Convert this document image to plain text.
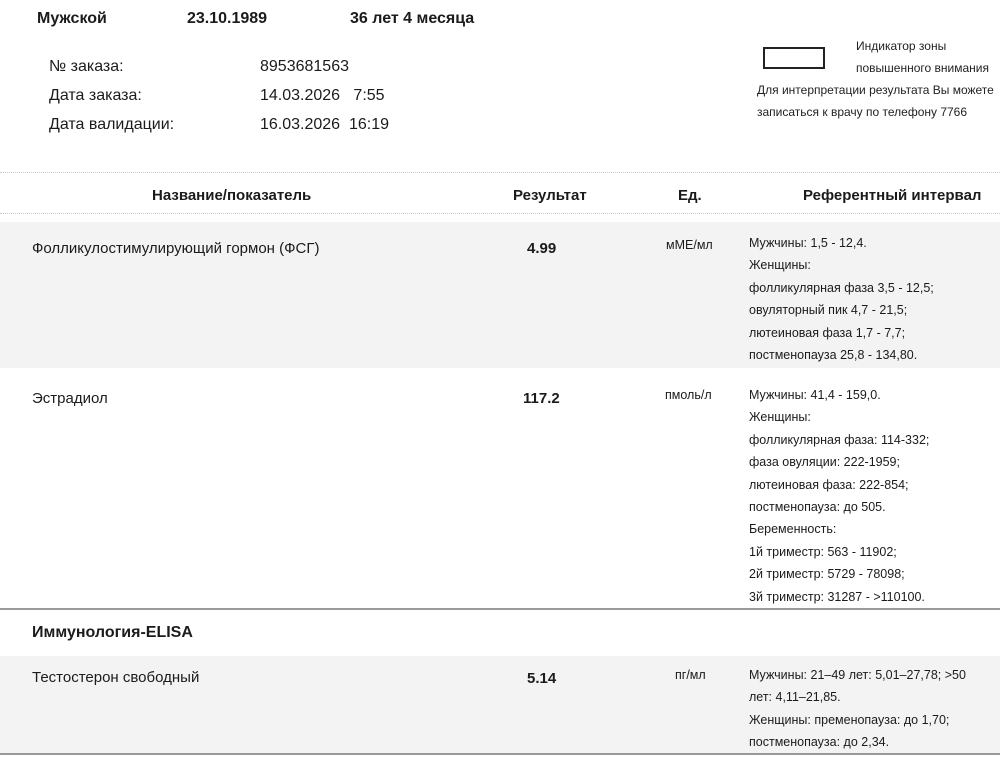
Мужской	23.10.1989	36 лет 4 месяца
№ заказа:	8953681563
Дата заказа:	14.03.2026   7:55
Дата валидации:	16.03.2026  16:19
Индикатор зоны
повышенного внимания
Для интерпретации результата Вы можете
записаться к врачу по телефону 7766
Название/показатель	Результат	Ед.	Референтный интервал
Фолликулостимулирующий гормон (ФСГ)	4.99	мМЕ/мл	Мужчины: 1,5 - 12,4.
Женщины:
фолликулярная фаза 3,5 - 12,5;
овуляторный пик 4,7 - 21,5;
лютеиновая фаза 1,7 - 7,7;
постменопауза 25,8 - 134,80.
Эстрадиол	117.2	пмоль/л	Мужчины: 41,4 - 159,0.
Женщины:
фолликулярная фаза: 114-332;
фаза овуляции: 222-1959;
лютеиновая фаза: 222-854;
постменопауза: до 505.
Беременность:
1й триместр: 563 - 11902;
2й триместр: 5729 - 78098;
3й триместр: 31287 - >110100.
Иммунология-ELISA
Тестостерон свободный	5.14	пг/мл	Мужчины: 21–49 лет: 5,01–27,78; >50
лет: 4,11–21,85.
Женщины: пременопауза: до 1,70;
постменопауза: до 2,34.
